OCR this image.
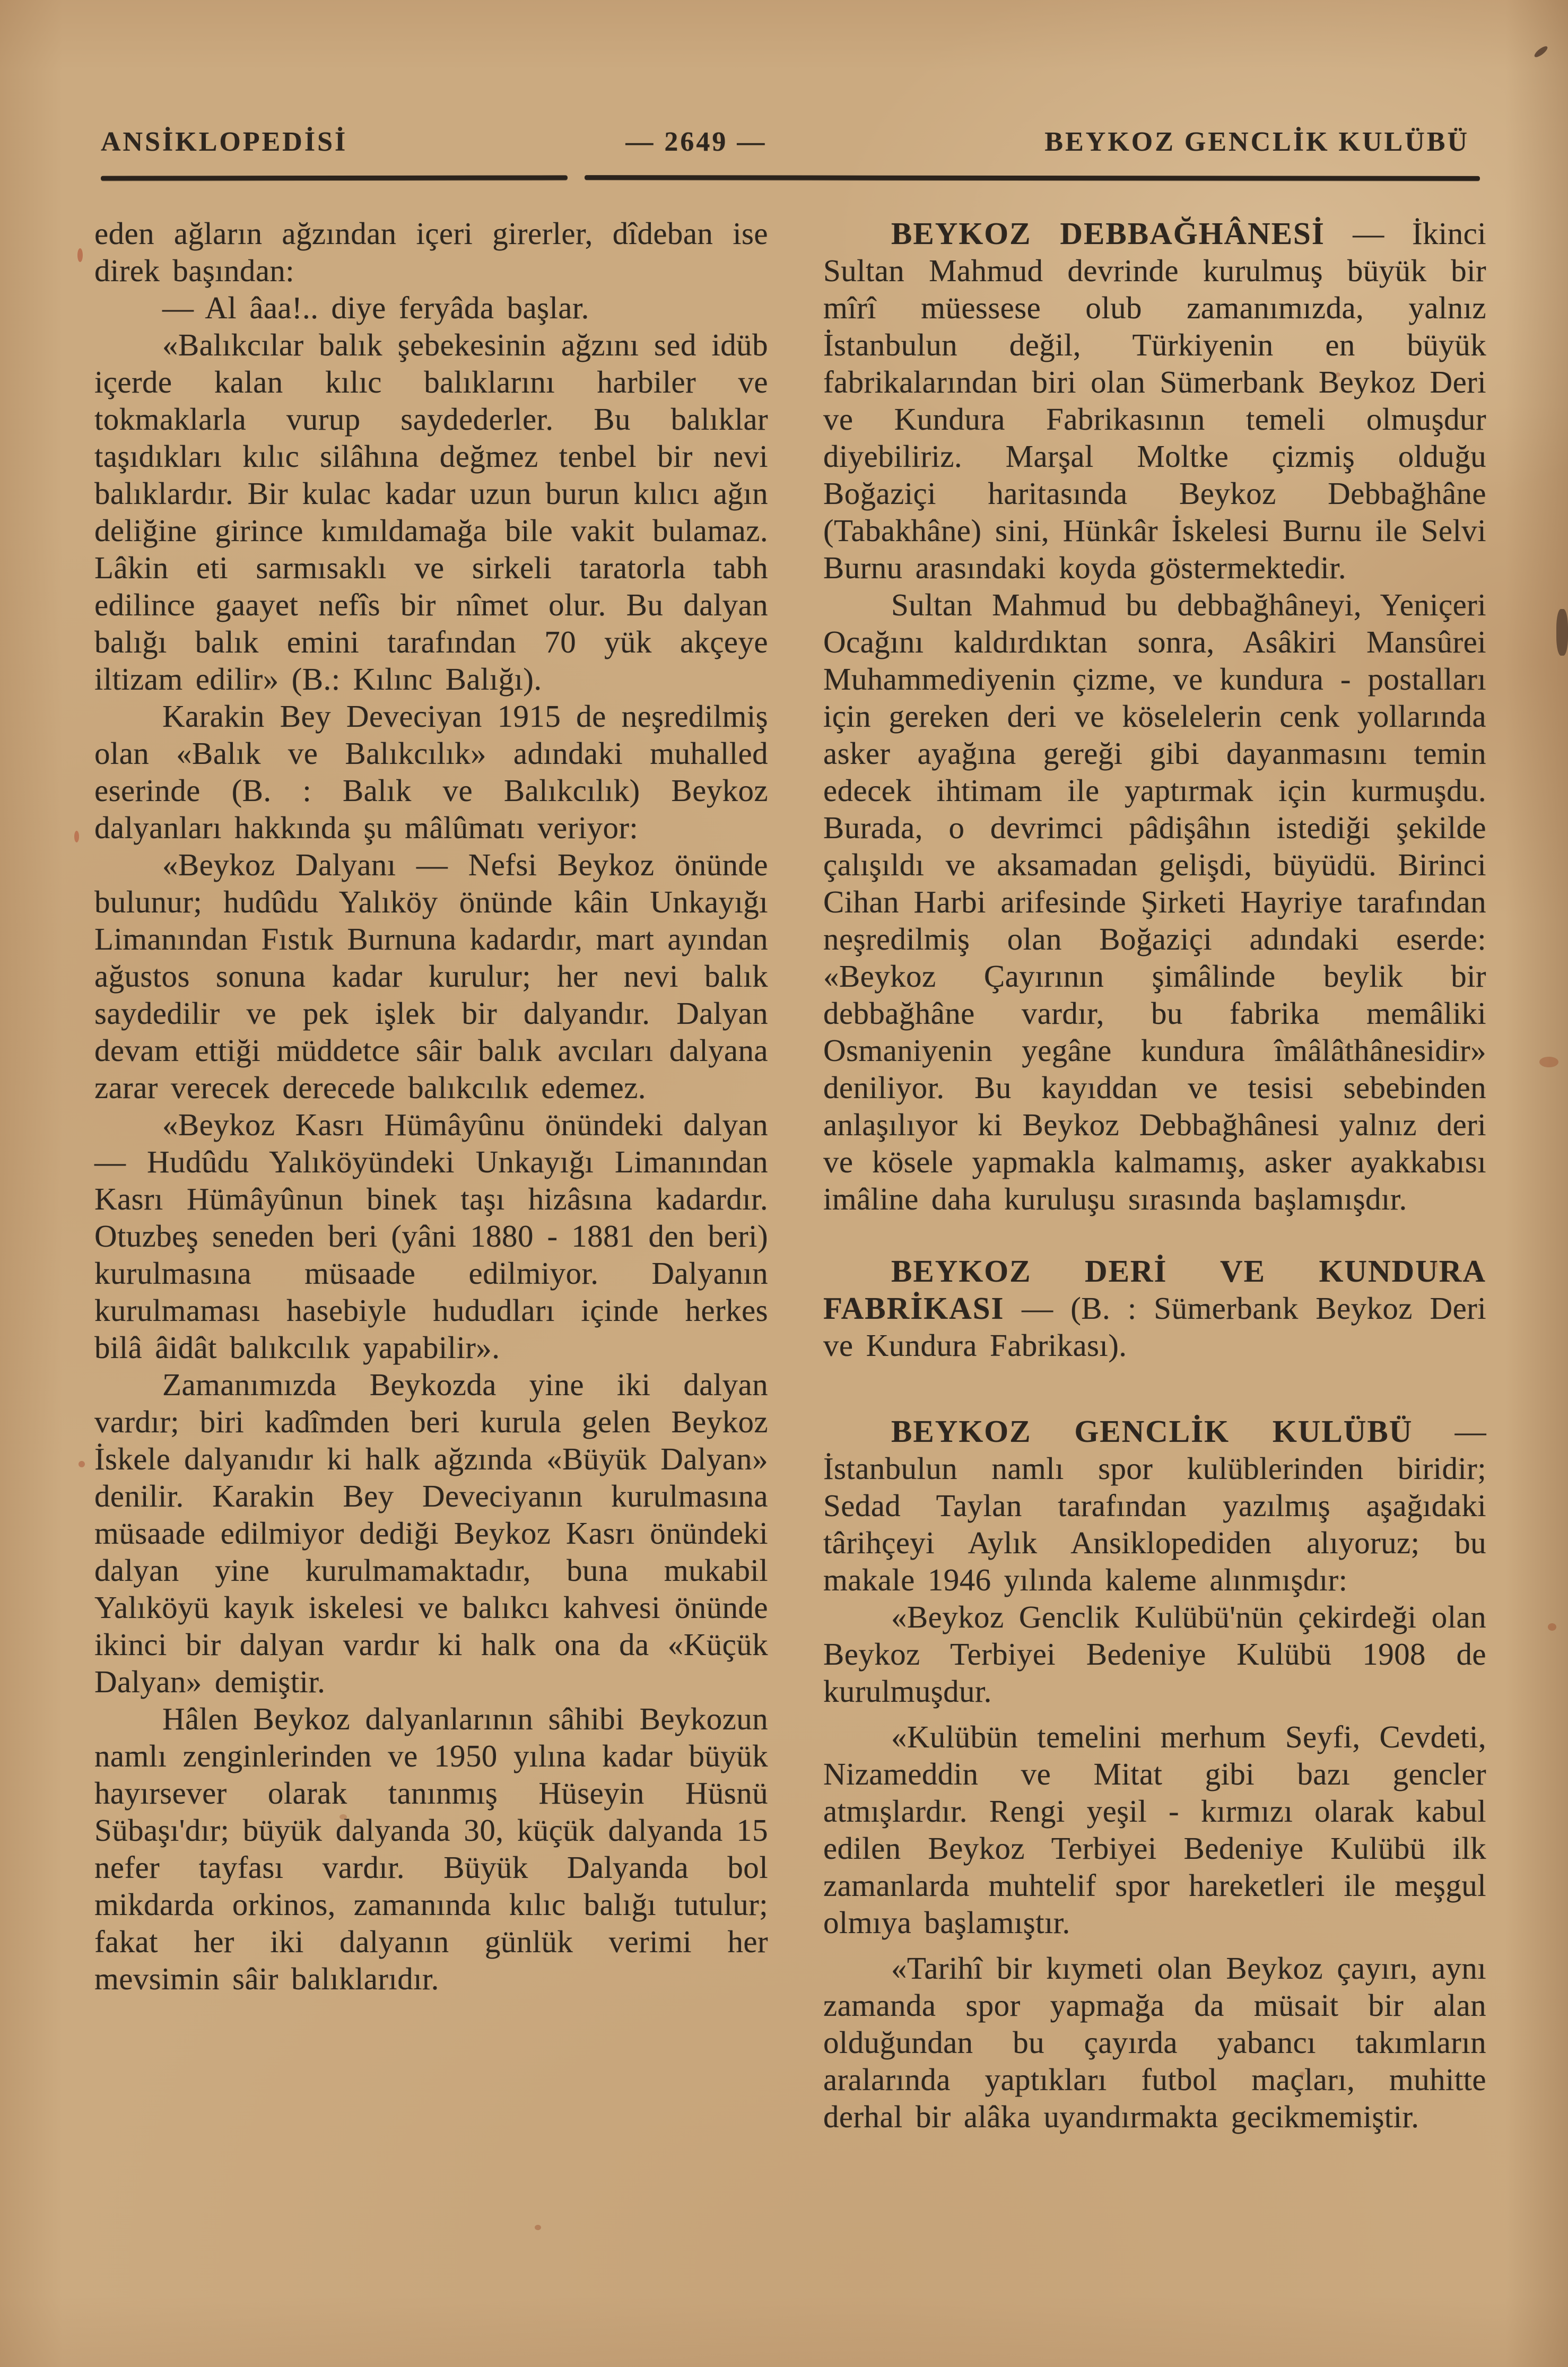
ANSİKLOPEDİSİ	— 2649 —	BEYKOZ GENCLİK KULÜBÜ

eden ağların ağzından içeri girerler, dîdeban ise direk başından:

— Al âaa!.. diye feryâda başlar.

«Balıkcılar balık şebekesinin ağzını sed idüb içerde kalan kılıc balıklarını harbiler ve tokmaklarla vurup saydederler. Bu balıklar taşıdıkları kılıc silâhına değmez tenbel bir nevi balıklardır. Bir kulac kadar uzun burun kılıcı ağın deliğine girince kımıldamağa bile vakit bulamaz. Lâkin eti sarmısaklı ve sirkeli taratorla tabh edilince gaayet nefîs bir nîmet olur. Bu dalyan balığı balık emini tarafından 70 yük akçeye iltizam edilir» (B.: Kılınc Balığı).

Karakin Bey Deveciyan 1915 de neşredilmiş olan «Balık ve Balıkcılık» adındaki muhalled eserinde (B. : Balık ve Balıkcılık) Beykoz dalyanları hakkında şu mâlûmatı veriyor:

«Beykoz Dalyanı — Nefsi Beykoz önünde bulunur; hudûdu Yalıköy önünde kâin Unkayığı Limanından Fıstık Burnuna kadardır, mart ayından ağustos sonuna kadar kurulur; her nevi balık saydedilir ve pek işlek bir dalyandır. Dalyan devam ettiği müddetce sâir balık avcıları dalyana zarar verecek derecede balıkcılık edemez.

«Beykoz Kasrı Hümâyûnu önündeki dalyan — Hudûdu Yalıköyündeki Unkayığı Limanından Kasrı Hümâyûnun binek taşı hizâsına kadardır. Otuzbeş seneden beri (yâni 1880 - 1881 den beri) kurulmasına müsaade edilmiyor. Dalyanın kurulmaması hasebiyle hududları içinde herkes bilâ âidât balıkcılık yapabilir».

Zamanımızda Beykozda yine iki dalyan vardır; biri kadîmden beri kurula gelen Beykoz İskele dalyanıdır ki halk ağzında «Büyük Dalyan» denilir. Karakin Bey Deveciyanın kurulmasına müsaade edilmiyor dediği Beykoz Kasrı önündeki dalyan yine kurulmamaktadır, buna mukabil Yalıköyü kayık iskelesi ve balıkcı kahvesi önünde ikinci bir dalyan vardır ki halk ona da «Küçük Dalyan» demiştir.

Hâlen Beykoz dalyanlarının sâhibi Beykozun namlı zenginlerinden ve 1950 yılına kadar büyük hayırsever olarak tanınmış Hüseyin Hüsnü Sübaşı'dır; büyük dalyanda 30, küçük dalyanda 15 nefer tayfası vardır. Büyük Dalyanda bol mikdarda orkinos, zamanında kılıc balığı tutulur; fakat her iki dalyanın günlük verimi her mevsimin sâir balıklarıdır.

BEYKOZ DEBBAĞHÂNESİ — İkinci Sultan Mahmud devrinde kurulmuş büyük bir mîrî müessese olub zamanımızda, yalnız İstanbulun değil, Türkiyenin en büyük fabrikalarından biri olan Sümerbank Beykoz Deri ve Kundura Fabrikasının temeli olmuşdur diyebiliriz. Marşal Moltke çizmiş olduğu Boğaziçi haritasında Beykoz Debbağhâne (Tabakhâne) sini, Hünkâr İskelesi Burnu ile Selvi Burnu arasındaki koyda göstermektedir.

Sultan Mahmud bu debbağhâneyi, Yeniçeri Ocağını kaldırdıktan sonra, Asâkiri Mansûrei Muhammediyenin çizme, ve kundura - postalları için gereken deri ve köselelerin cenk yollarında asker ayağına gereği gibi dayanmasını temin edecek ihtimam ile yaptırmak için kurmuşdu. Burada, o devrimci pâdişâhın istediği şekilde çalışıldı ve aksamadan gelişdi, büyüdü. Birinci Cihan Harbi arifesinde Şirketi Hayriye tarafından neşredilmiş olan Boğaziçi adındaki eserde: «Beykoz Çayırının şimâlinde beylik bir debbağhâne vardır, bu fabrika memâliki Osmaniyenin yegâne kundura îmâlâthânesidir» deniliyor. Bu kayıddan ve tesisi sebebinden anlaşılıyor ki Beykoz Debbağhânesi yalnız deri ve kösele yapmakla kalmamış, asker ayakkabısı imâline daha kuruluşu sırasında başlamışdır.

BEYKOZ DERİ VE KUNDURA FABRİKASI — (B. : Sümerbank Beykoz Deri ve Kundura Fabrikası).

BEYKOZ GENCLİK KULÜBÜ — İstanbulun namlı spor kulüblerinden biridir; Sedad Taylan tarafından yazılmış aşağıdaki târihçeyi Aylık Ansiklopediden alıyoruz; bu makale 1946 yılında kaleme alınmışdır:

«Beykoz Genclik Kulübü'nün çekirdeği olan Beykoz Terbiyei Bedeniye Kulübü 1908 de kurulmuşdur.

«Kulübün temelini merhum Seyfi, Cevdeti, Nizameddin ve Mitat gibi bazı gencler atmışlardır. Rengi yeşil - kırmızı olarak kabul edilen Beykoz Terbiyei Bedeniye Kulübü ilk zamanlarda muhtelif spor hareketleri ile meşgul olmıya başlamıştır.

«Tarihî bir kıymeti olan Beykoz çayırı, aynı zamanda spor yapmağa da müsait bir alan olduğundan bu çayırda yabancı takımların aralarında yaptıkları futbol maçları, muhitte derhal bir alâka uyandırmakta gecikmemiştir.
